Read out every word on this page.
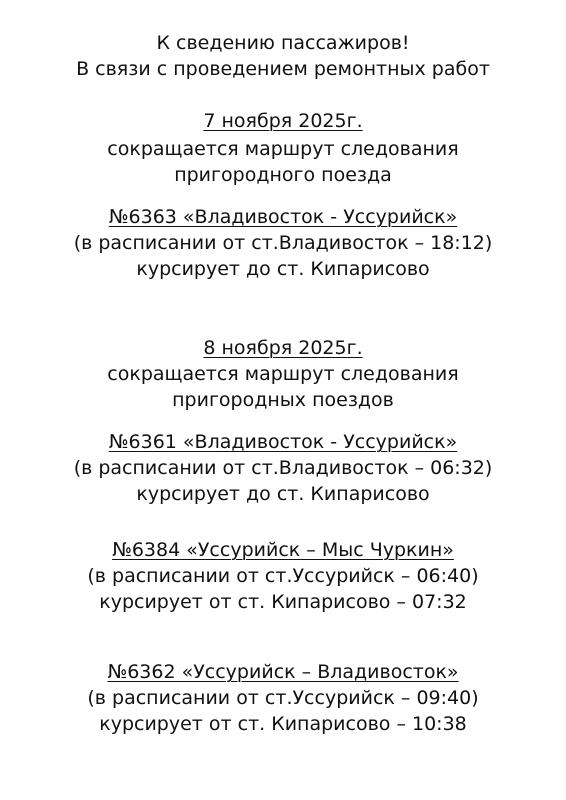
К сведению пассажиров!
В связи с проведением ремонтных работ
7 ноября 2025г.
сокращается маршрут следования
пригородного поезда
№6363 «Владивосток - Уссурийск»
(в расписании от ст.Владивосток – 18:12)
курсирует до ст. Кипарисово
8 ноября 2025г.
сокращается маршрут следования
пригородных поездов
№6361 «Владивосток - Уссурийск»
(в расписании от ст.Владивосток – 06:32)
курсирует до ст. Кипарисово
№6384 «Уссурийск – Мыс Чуркин»
(в расписании от ст.Уссурийск – 06:40)
курсирует от ст. Кипарисово – 07:32
№6362 «Уссурийск – Владивосток»
(в расписании от ст.Уссурийск – 09:40)
курсирует от ст. Кипарисово – 10:38
